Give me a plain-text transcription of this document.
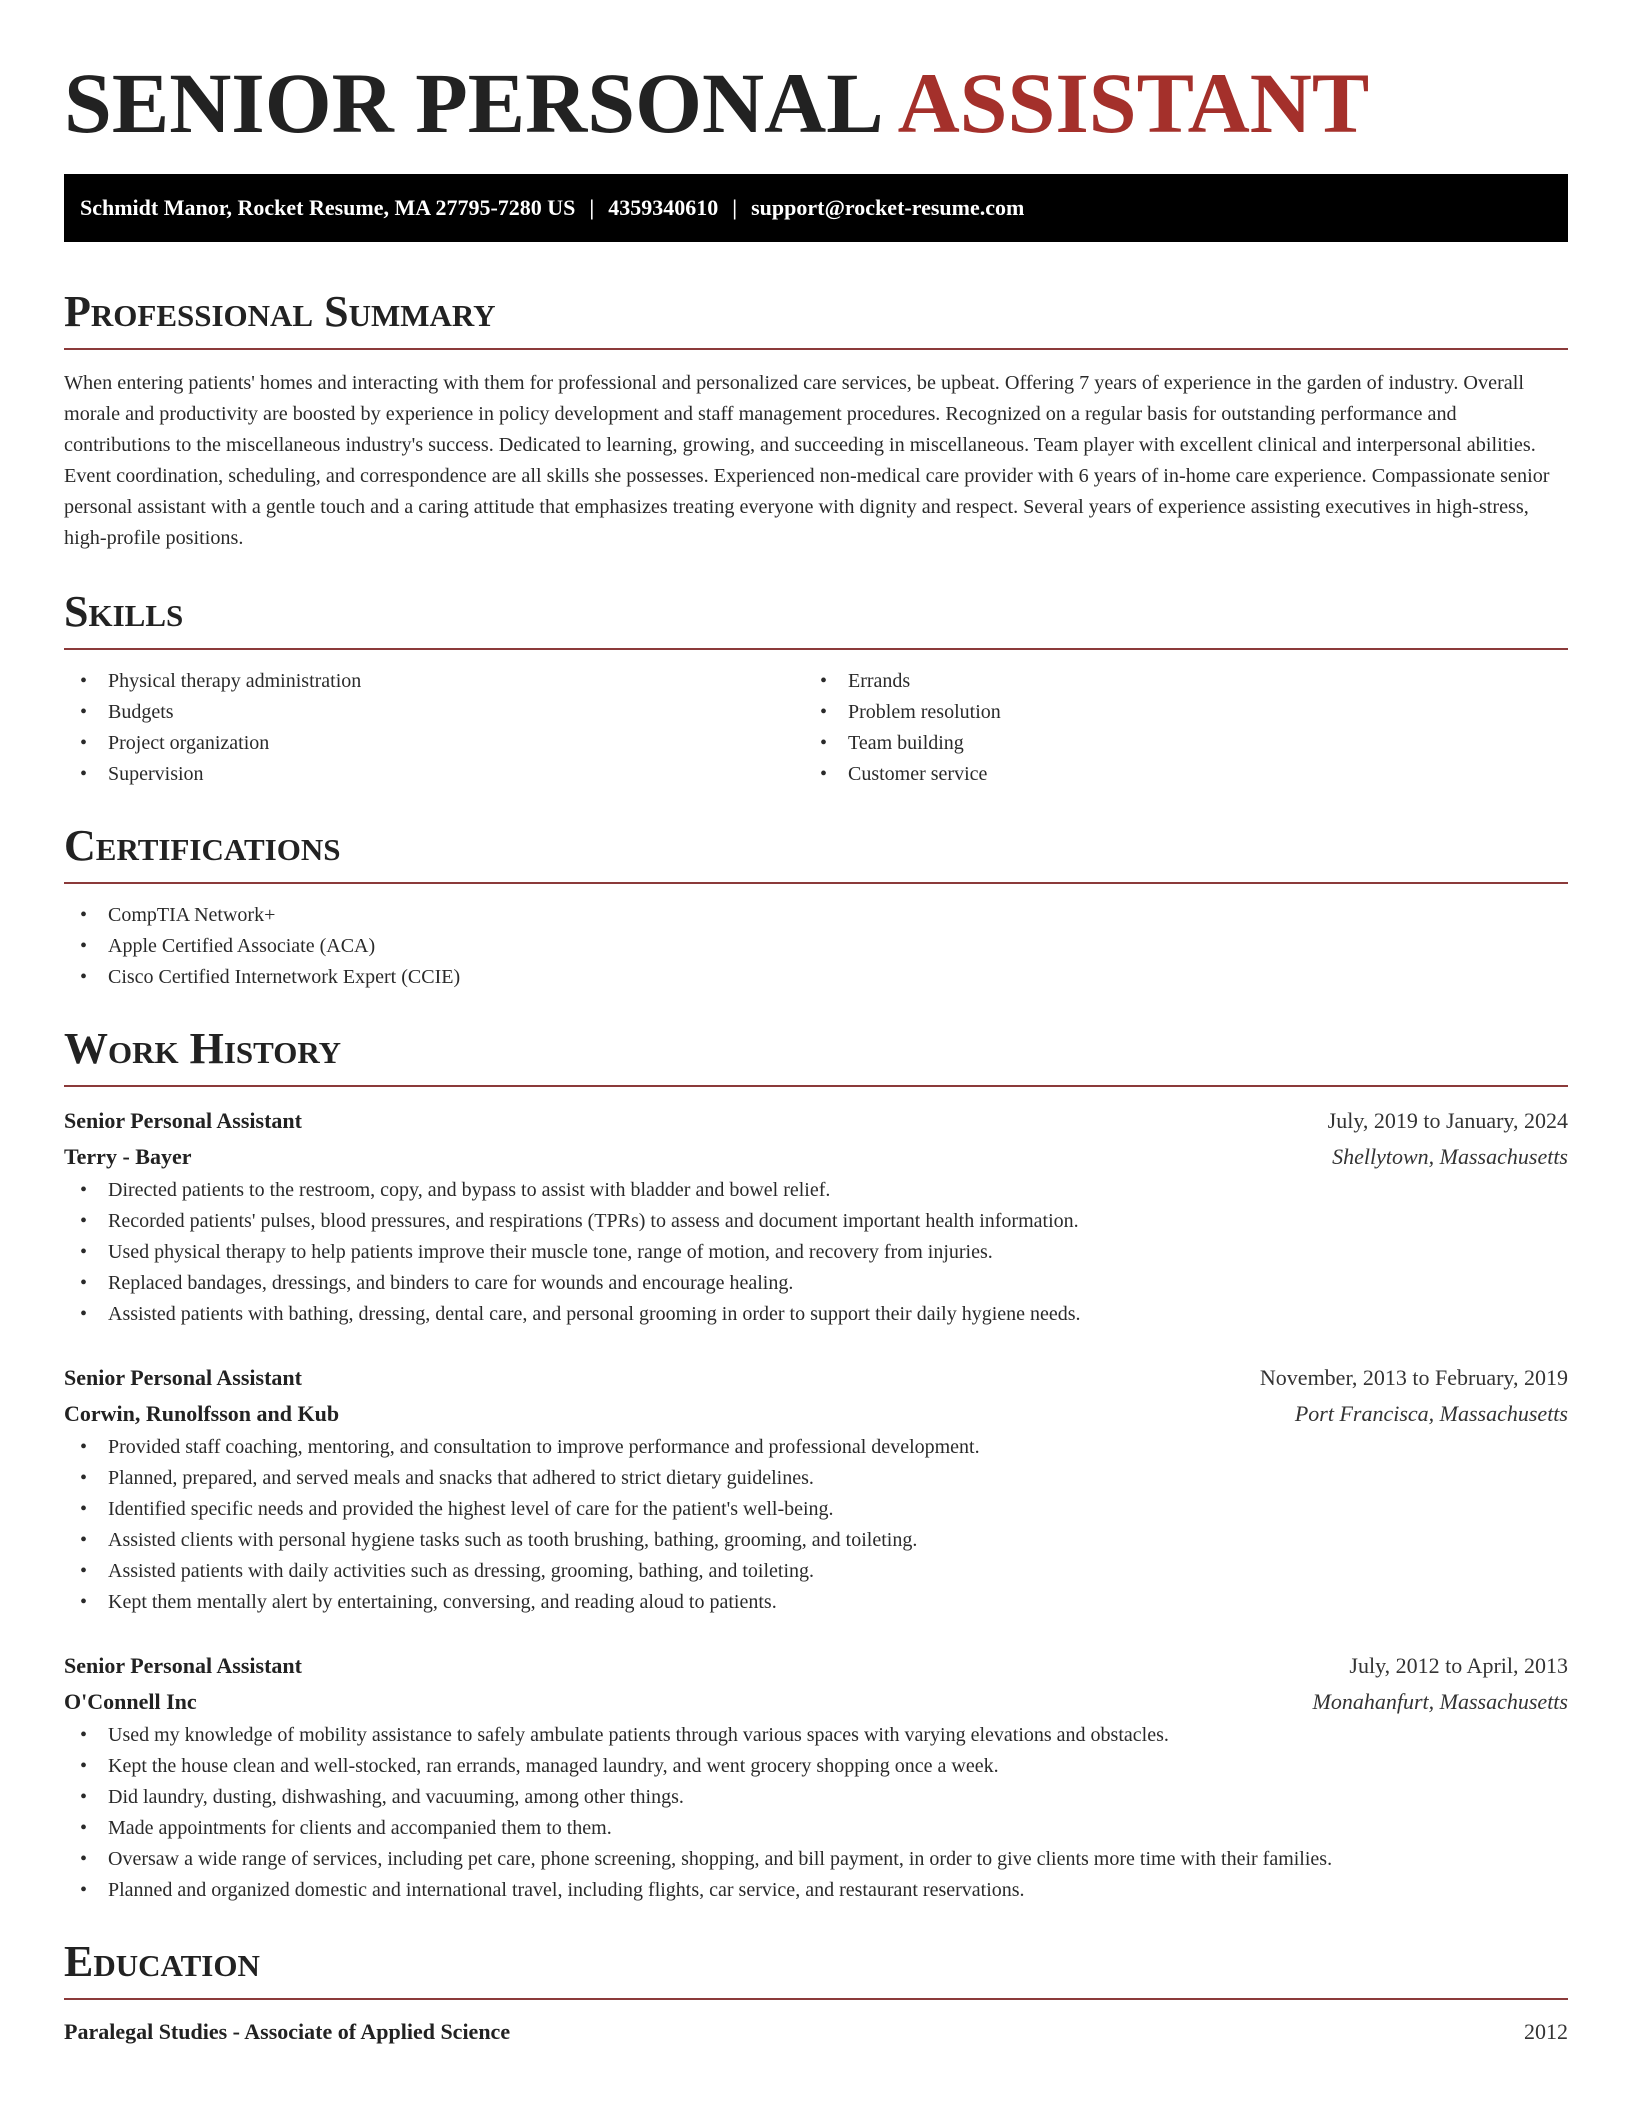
SENIOR PERSONAL ASSISTANT
Schmidt Manor, Rocket Resume, MA 27795-7280 US | 4359340610 | support@rocket-resume.com
Professional Summary

When entering patients' homes and interacting with them for professional and personalized care services, be upbeat. Offering 7 years of experience in the garden of industry. Overall morale and productivity are boosted by experience in policy development and staff management procedures. Recognized on a regular basis for outstanding performance and contributions to the miscellaneous industry's success. Dedicated to learning, growing, and succeeding in miscellaneous. Team player with excellent clinical and interpersonal abilities. Event coordination, scheduling, and correspondence are all skills she possesses. Experienced non-medical care provider with 6 years of in-home care experience. Compassionate senior personal assistant with a gentle touch and a caring attitude that emphasizes treating everyone with dignity and respect. Several years of experience assisting executives in high-stress, high-profile positions.

Skills
• Physical therapy administration
• Budgets
• Project organization
• Supervision
• Errands
• Problem resolution
• Team building
• Customer service
Certifications
• CompTIA Network+
• Apple Certified Associate (ACA)
• Cisco Certified Internetwork Expert (CCIE)
Work History
Senior Personal Assistant	July, 2019 to January, 2024
Terry - Bayer	Shellytown, Massachusetts
• Directed patients to the restroom, copy, and bypass to assist with bladder and bowel relief.
• Recorded patients' pulses, blood pressures, and respirations (TPRs) to assess and document important health information.
• Used physical therapy to help patients improve their muscle tone, range of motion, and recovery from injuries.
• Replaced bandages, dressings, and binders to care for wounds and encourage healing.
• Assisted patients with bathing, dressing, dental care, and personal grooming in order to support their daily hygiene needs.
Senior Personal Assistant	November, 2013 to February, 2019
Corwin, Runolfsson and Kub	Port Francisca, Massachusetts
• Provided staff coaching, mentoring, and consultation to improve performance and professional development.
• Planned, prepared, and served meals and snacks that adhered to strict dietary guidelines.
• Identified specific needs and provided the highest level of care for the patient's well-being.
• Assisted clients with personal hygiene tasks such as tooth brushing, bathing, grooming, and toileting.
• Assisted patients with daily activities such as dressing, grooming, bathing, and toileting.
• Kept them mentally alert by entertaining, conversing, and reading aloud to patients.
Senior Personal Assistant	July, 2012 to April, 2013
O'Connell Inc	Monahanfurt, Massachusetts
• Used my knowledge of mobility assistance to safely ambulate patients through various spaces with varying elevations and obstacles.
• Kept the house clean and well-stocked, ran errands, managed laundry, and went grocery shopping once a week.
• Did laundry, dusting, dishwashing, and vacuuming, among other things.
• Made appointments for clients and accompanied them to them.
• Oversaw a wide range of services, including pet care, phone screening, shopping, and bill payment, in order to give clients more time with their families.
• Planned and organized domestic and international travel, including flights, car service, and restaurant reservations.
Education
Paralegal Studies - Associate of Applied Science	2012
